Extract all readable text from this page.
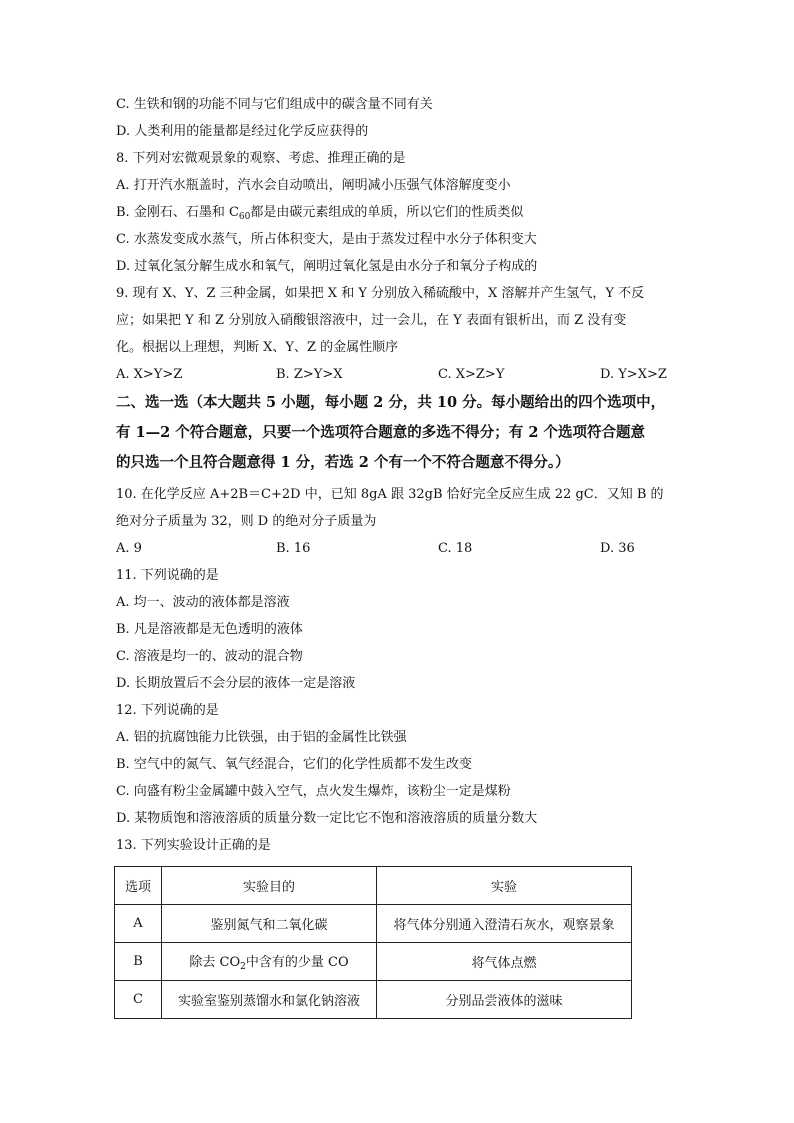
C. 生铁和钢的功能不同与它们组成中的碳含量不同有关
D. 人类利用的能量都是经过化学反应获得的
8. 下列对宏微观景象的观察、考虑、推理正确的是
A. 打开汽水瓶盖时，汽水会自动喷出，阐明减小压强气体溶解度变小
B. 金刚石、石墨和 $C_{60}$都是由碳元素组成的单质，所以它们的性质类似
C. 水蒸发变成水蒸气，所占体积变大，是由于蒸发过程中水分子体积变大
D. 过氧化氢分解生成水和氧气，阐明过氧化氢是由水分子和氧分子构成的
9. 现有 X、Y、Z 三种金属，如果把 X 和 Y 分别放入稀硫酸中，X 溶解并产生氢气，Y 不反
应；如果把 Y 和 Z 分别放入硝酸银溶液中，过一会儿，在 Y 表面有银析出，而 Z 没有变
化。根据以上理想，判断 X、Y、Z 的金属性顺序
A. X>Y>Z	B. Z>Y>X	C. X>Z>Y	D. Y>X>Z
二、选一选（本大题共 5 小题，每小题 2 分，共 10 分。每小题给出的四个选项中，
有 1—2 个符合题意，只要一个选项符合题意的多选不得分；有 2 个选项符合题意
的只选一个且符合题意得 1 分，若选 2 个有一个不符合题意不得分。）
10. 在化学反应 A+2B＝C+2D 中，已知 8gA 跟 32gB 恰好完全反应生成 22 gC．又知 B 的
绝对分子质量为 32，则 D 的绝对分子质量为
A. 9	B. 16	C. 18	D. 36
11. 下列说确的是
A. 均一、波动的液体都是溶液
B. 凡是溶液都是无色透明的液体
C. 溶液是均一的、波动的混合物
D. 长期放置后不会分层的液体一定是溶液
12. 下列说确的是
A. 铝的抗腐蚀能力比铁强，由于铝的金属性比铁强
B. 空气中的氮气、氧气经混合，它们的化学性质都不发生改变
C. 向盛有粉尘金属罐中鼓入空气，点火发生爆炸，该粉尘一定是煤粉
D. 某物质饱和溶液溶质的质量分数一定比它不饱和溶液溶质的质量分数大
13. 下列实验设计正确的是
选项	实验目的	实验
A	鉴别氮气和二氧化碳	将气体分别通入澄清石灰水，观察景象
B	除去 $CO_2$中含有的少量 CO	将气体点燃
C	实验室鉴别蒸馏水和氯化钠溶液	分别品尝液体的滋味
